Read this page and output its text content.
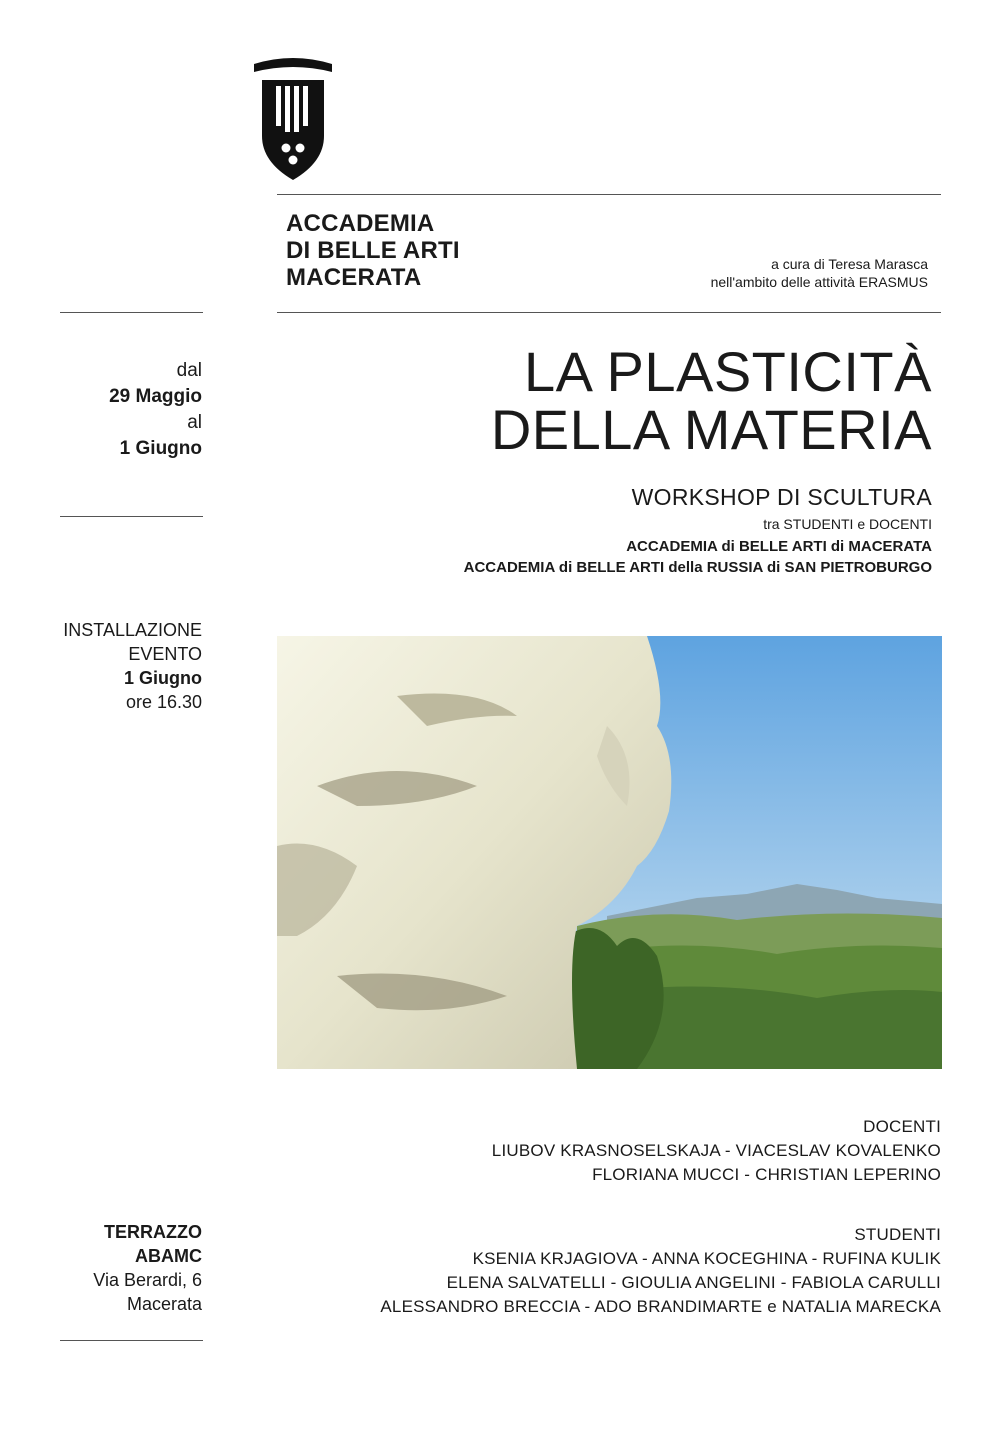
ACCADEMIA
DI BELLE ARTI
MACERATA	a cura di Teresa Marasca
nell'ambito delle attività ERASMUS
dal
29 Maggio
al
1 Giugno
INSTALLAZIONE
EVENTO
1 Giugno
ore 16.30
TERRAZZO
ABAMC
Via Berardi, 6
Macerata
LA PLASTICITÀ
DELLA MATERIA
WORKSHOP DI SCULTURA
tra STUDENTI e DOCENTI
ACCADEMIA di BELLE ARTI di MACERATA
ACCADEMIA di BELLE ARTI della RUSSIA di SAN PIETROBURGO
DOCENTI
LIUBOV KRASNOSELSKAJA - VIACESLAV KOVALENKO
FLORIANA MUCCI - CHRISTIAN LEPERINO
STUDENTI
KSENIA KRJAGIOVA - ANNA KOCEGHINA - RUFINA KULIK
ELENA SALVATELLI - GIOULIA ANGELINI - FABIOLA CARULLI
ALESSANDRO BRECCIA - ADO BRANDIMARTE e NATALIA MARECKA
